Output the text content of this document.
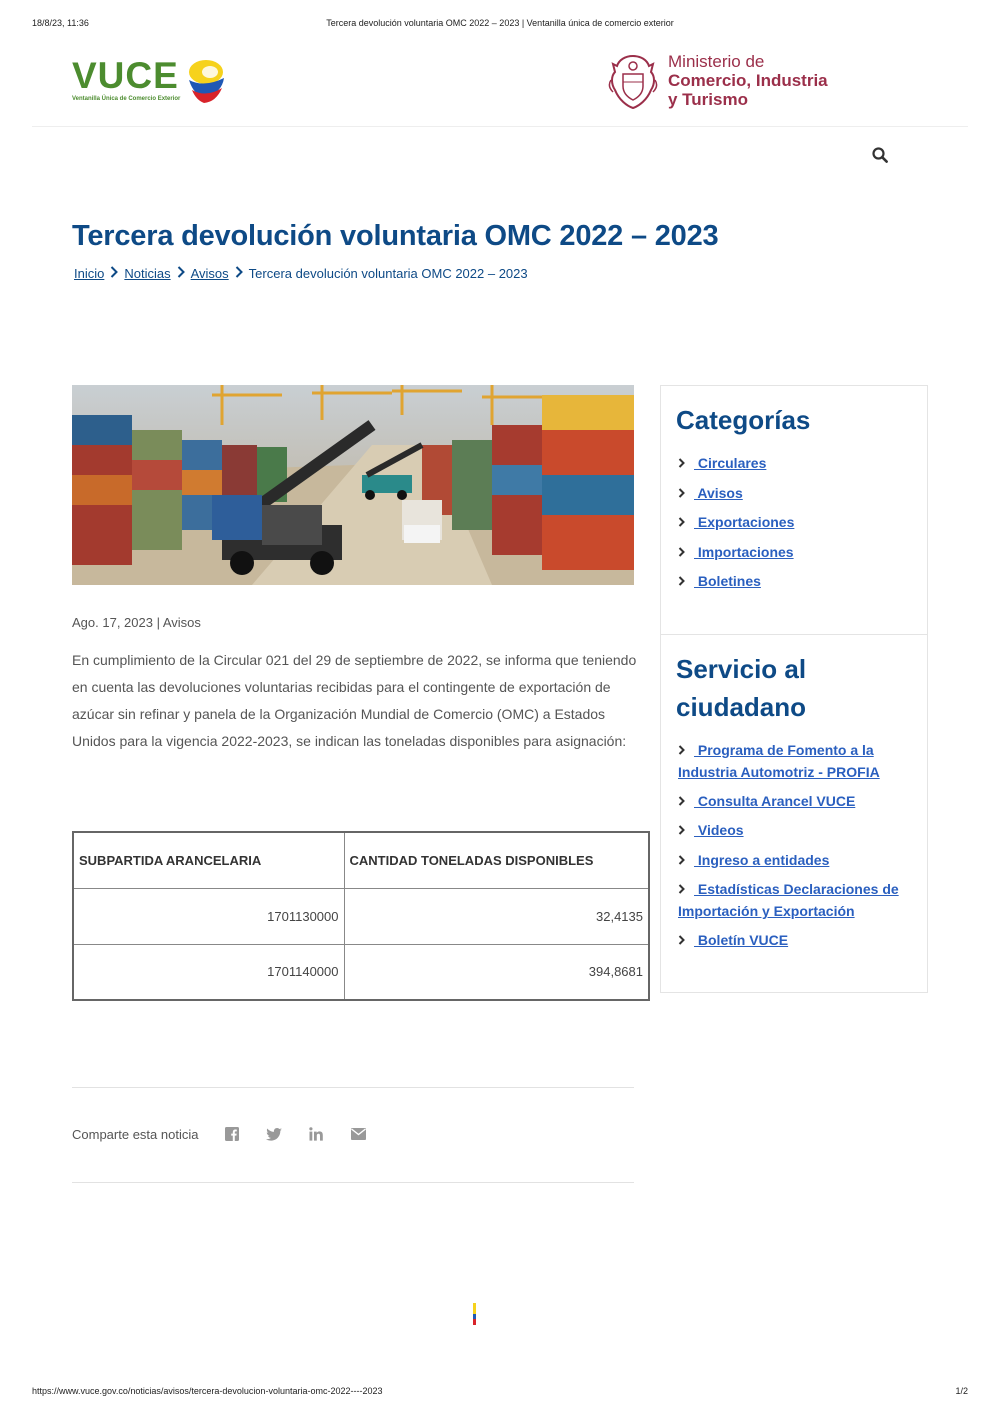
18/8/23, 11:36	Tercera devolución voluntaria OMC 2022 – 2023 | Ventanilla única de comercio exterior
VUCE
Ventanilla Única de Comercio Exterior
Ministerio de
Comercio, Industria
y Turismo
Tercera devolución voluntaria OMC 2022 – 2023
Inicio Noticias Avisos Tercera devolución voluntaria OMC 2022 – 2023
Ago. 17, 2023 | Avisos

En cumplimiento de la Circular 021 del 29 de septiembre de 2022, se informa que teniendo en cuenta las devoluciones voluntarias recibidas para el contingente de exportación de azúcar sin refinar y panela de la Organización Mundial de Comercio (OMC) a Estados Unidos para la vigencia 2022-2023, se indican las toneladas disponibles para asignación:

SUBPARTIDA ARANCELARIA	CANTIDAD TONELADAS DISPONIBLES
1701130000	32,4135
1701140000	394,8681
Comparte esta noticia
Categorías
Circulares
Avisos
Exportaciones
Importaciones
Boletines
Servicio al ciudadano
Programa de Fomento a la Industria Automotriz - PROFIA
Consulta Arancel VUCE
Videos
Ingreso a entidades
Estadísticas Declaraciones de Importación y Exportación
Boletín VUCE
https://www.vuce.gov.co/noticias/avisos/tercera-devolucion-voluntaria-omc-2022----2023	1/2
